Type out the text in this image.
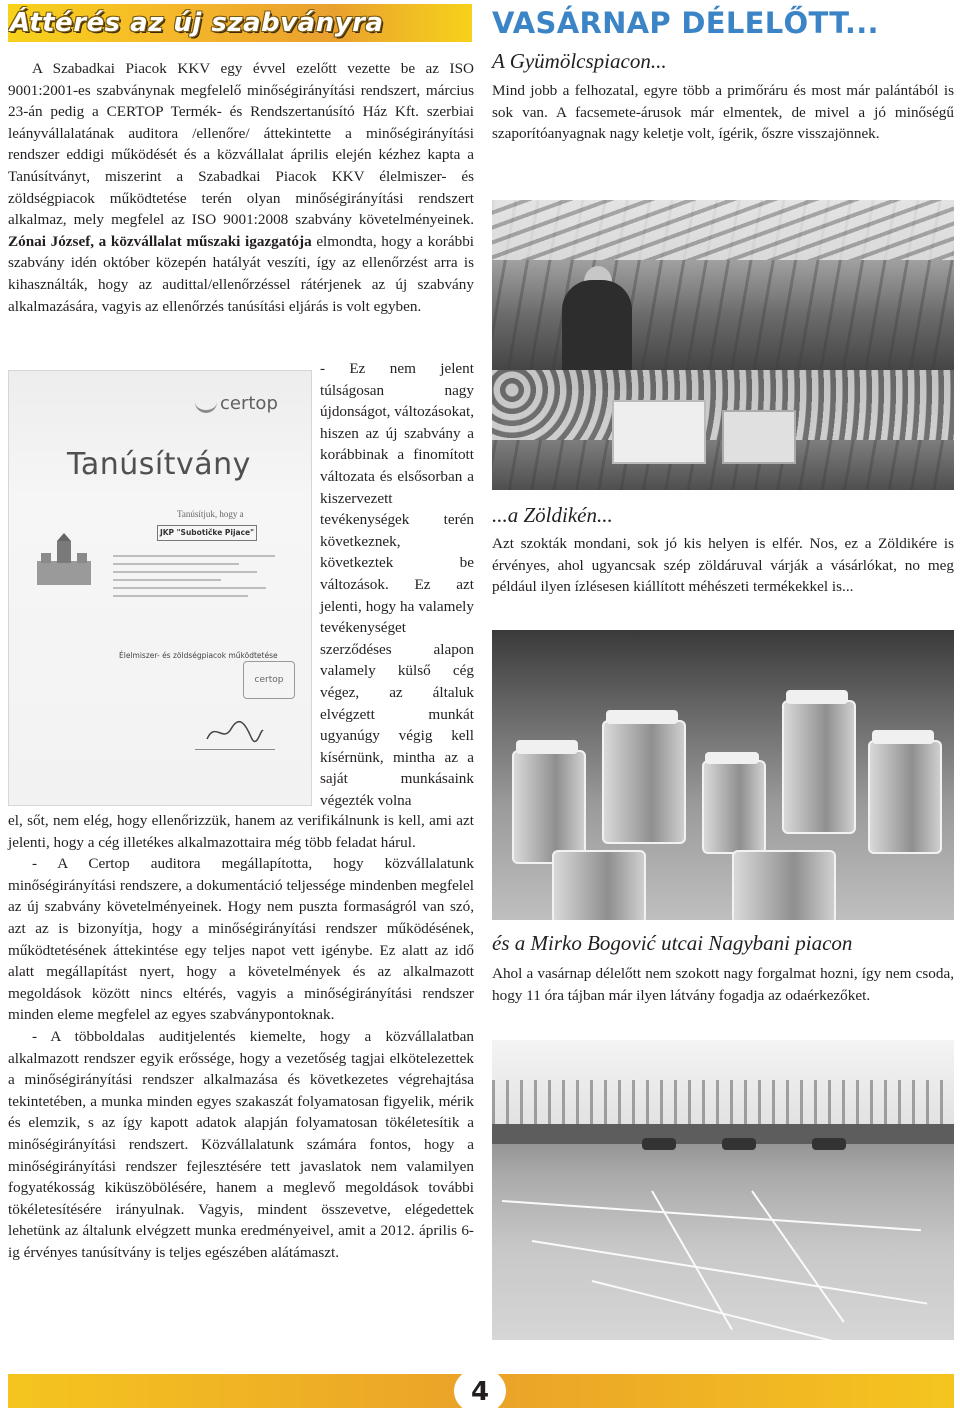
Áttérés az új szabványra

A Szabadkai Piacok KKV egy évvel ezelőtt vezette be az ISO 9001:2001-es szabványnak megfelelő minőségirányítási rendszert, március 23-án pedig a CERTOP Termék- és Rendszertanúsító Ház Kft. szerbiai leányvállalatának auditora /ellenőre/ áttekintette a minőségirányítási rendszer eddigi működését és a közvállalat április elején kézhez kapta a Tanúsítványt, miszerint a Szabadkai Piacok KKV élelmiszer- és zöldségpiacok működtetése terén olyan minőségirányítási rendszert alkalmaz, mely megfelel az ISO 9001:2008 szabvány követelményeinek. Zónai József, a közvállalat műszaki igazgatója elmondta, hogy a korábbi szabvány idén október közepén hatályát veszíti, így az ellenőrzést arra is kihasználták, hogy az audittal/ellenőrzéssel rátérjenek az új szabvány alkalmazására, vagyis az ellenőrzés tanúsítási eljárás is volt egyben.

certop
Tanúsítvány
Tanúsítjuk, hogy a
JKP "Subotičke Pijace"
Élelmiszer- és zöldségpiacok működtetése
certop

- Ez nem jelent túlságosan nagy újdonságot, változásokat, hiszen az új szabvány a korábbinak a finomított változata és elsősorban a kiszervezett tevékenységek terén következnek, következtek be változások. Ez azt jelenti, hogy ha valamely tevékenységet szerződéses alapon valamely külső cég végez, az általuk elvégzett munkát ugyanúgy végig kell kísérnünk, mintha az a saját munkásaink végezték volna

el, sőt, nem elég, hogy ellenőrizzük, hanem az verifikálnunk is kell, ami azt jelenti, hogy a cég illetékes alkalmazottaira még több feladat hárul.

- A Certop auditora megállapította, hogy közvállalatunk minőségirányítási rendszere, a dokumentáció teljessége mindenben megfelel az új szabvány követelményeinek. Hogy nem puszta formaságról van szó, azt az is bizonyítja, hogy a minőségirányítási rendszer működésének, működtetésének áttekintése egy teljes napot vett igénybe. Ez alatt az idő alatt megállapítást nyert, hogy a követelmények és az alkalmazott megoldások között nincs eltérés, vagyis a minőségirányítási rendszer minden eleme megfelel az egyes szabványpontoknak.

- A többoldalas auditjelentés kiemelte, hogy a közvállalatban alkalmazott rendszer egyik erőssége, hogy a vezetőség tagjai elkötelezettek a minőségirányítási rendszer alkalmazása és következetes végrehajtása tekintetében, a munka minden egyes szakaszát folyamatosan figyelik, mérik és elemzik, s az így kapott adatok alapján folyamatosan tökéletesítik a minőségirányítási rendszert. Közvállalatunk számára fontos, hogy a minőségirányítási rendszer fejlesztésére tett javaslatok nem valamilyen fogyatékosság kiküszöbölésére, hanem a meglevő megoldások további tökéletesítésére irányulnak. Vagyis, mindent összevetve, elégedettek lehetünk az általunk elvégzett munka eredményeivel, amit a 2012. április 6-ig érvényes tanúsítvány is teljes egészében alátámaszt.

VASÁRNAP DÉLELŐTT...

A Gyümölcspiacon...

Mind jobb a felhozatal, egyre több a primőráru és most már palántából is sok van. A facsemete-árusok már elmentek, de mivel a jó minőségű szaporítóanyagnak nagy keletje volt, ígérik, őszre visszajönnek.

...a Zöldikén...

Azt szokták mondani, sok jó kis helyen is elfér. Nos, ez a Zöldikére is érvényes, ahol ugyancsak szép zöldáruval várják a vásárlókat, no meg például ilyen ízlésesen kiállított méhészeti termékekkel is...

és a Mirko Bogović utcai Nagybani piacon

Ahol a vasárnap délelőtt nem szokott nagy forgalmat hozni, így nem csoda, hogy 11 óra tájban már ilyen látvány fogadja az odaérkezőket.

4
